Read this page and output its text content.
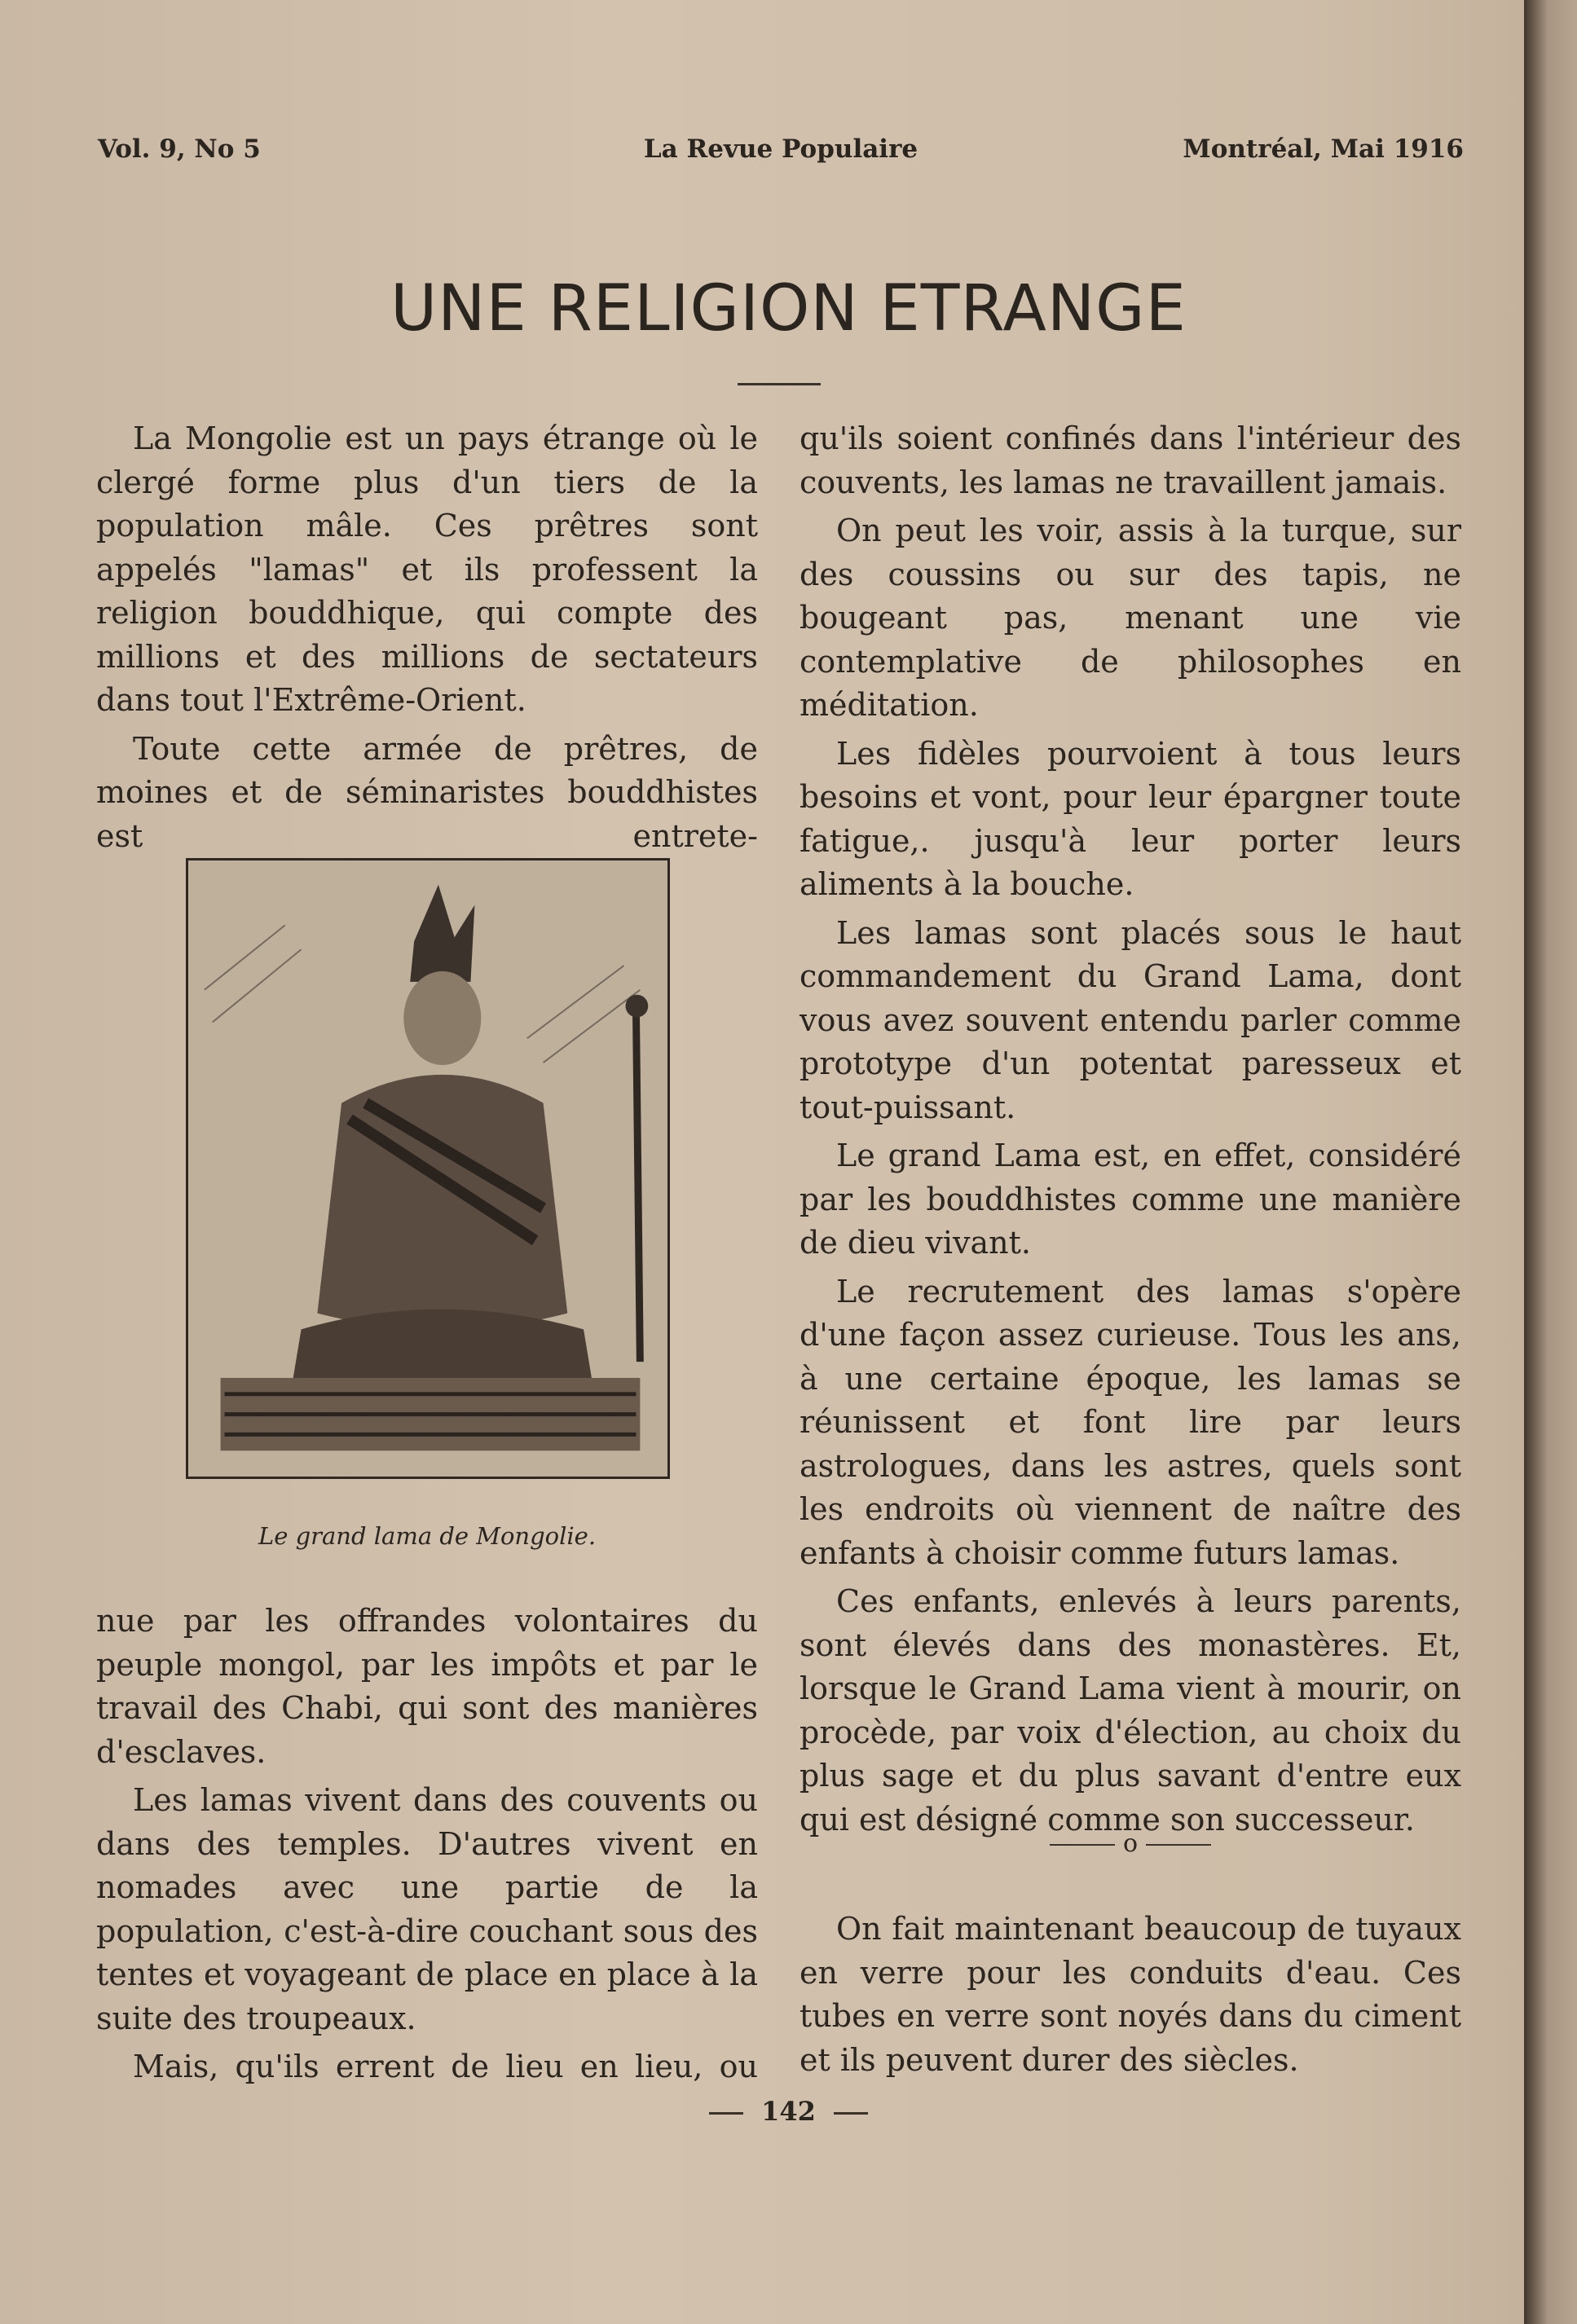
Vol. 9, No 5	La Revue Populaire	Montréal, Mai 1916
UNE RELIGION ETRANGE

La Mongolie est un pays étrange où le clergé forme plus d'un tiers de la population mâle. Ces prêtres sont appelés "lamas" et ils professent la religion bouddhique, qui compte des millions et des millions de sectateurs dans tout l'Extrême-Orient.

Toute cette armée de prêtres, de moines et de séminaristes bouddhistes est entrete-

Le grand lama de Mongolie.

nue par les offrandes volontaires du peuple mongol, par les impôts et par le travail des Chabi, qui sont des manières d'esclaves.

Les lamas vivent dans des couvents ou dans des temples. D'autres vivent en nomades avec une partie de la population, c'est-à-dire couchant sous des tentes et voyageant de place en place à la suite des troupeaux.

Mais, qu'ils errent de lieu en lieu, ou

qu'ils soient confinés dans l'intérieur des couvents, les lamas ne travaillent jamais.

On peut les voir, assis à la turque, sur des coussins ou sur des tapis, ne bougeant pas, menant une vie contemplative de philosophes en méditation.

Les fidèles pourvoient à tous leurs besoins et vont, pour leur épargner toute fatigue,. jusqu'à leur porter leurs aliments à la bouche.

Les lamas sont placés sous le haut commandement du Grand Lama, dont vous avez souvent entendu parler comme prototype d'un potentat paresseux et tout-puissant.

Le grand Lama est, en effet, considéré par les bouddhistes comme une manière de dieu vivant.

Le recrutement des lamas s'opère d'une façon assez curieuse. Tous les ans, à une certaine époque, les lamas se réunissent et font lire par leurs astrologues, dans les astres, quels sont les endroits où viennent de naître des enfants à choisir comme futurs lamas.

Ces enfants, enlevés à leurs parents, sont élevés dans des monastères. Et, lorsque le Grand Lama vient à mourir, on procède, par voix d'élection, au choix du plus sage et du plus savant d'entre eux qui est désigné comme son successeur.

o

On fait maintenant beaucoup de tuyaux en verre pour les conduits d'eau. Ces tubes en verre sont noyés dans du ciment et ils peuvent durer des siècles.

142
